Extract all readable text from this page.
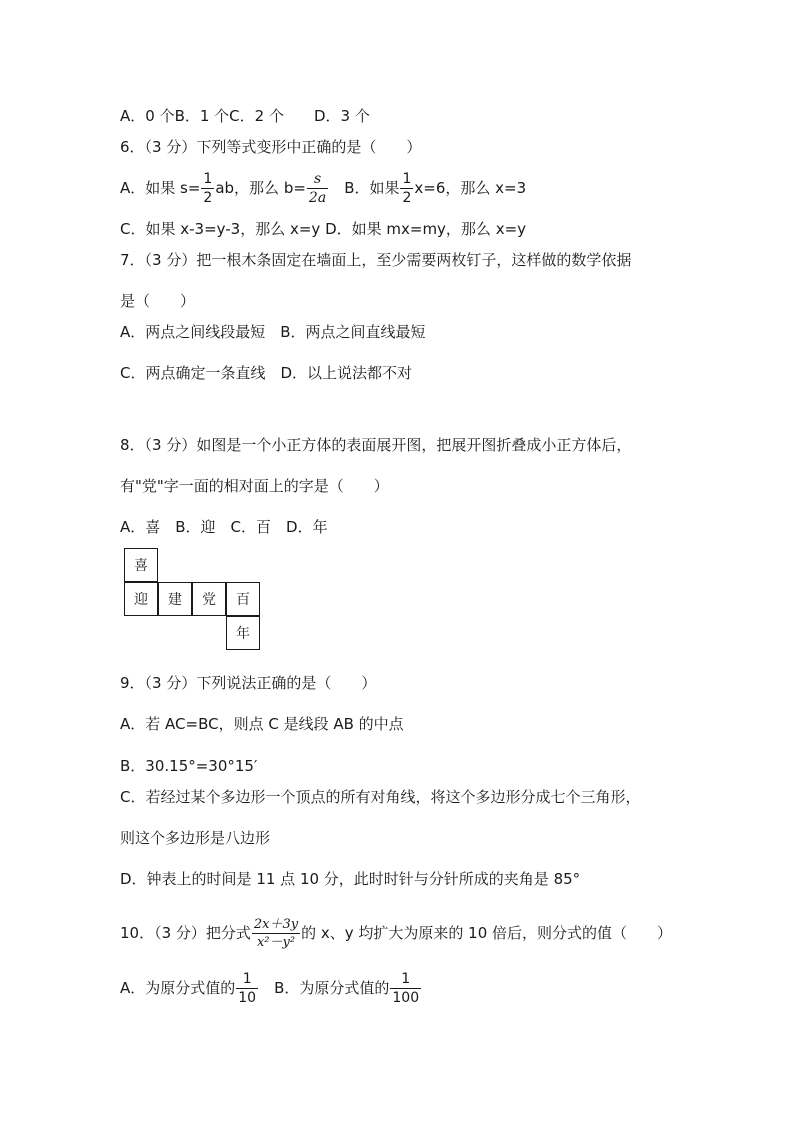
A．0 个B．1 个C．2 个　　D．3 个
6．（3 分）下列等式变形中正确的是（　　）
A．如果 $s= \frac{1}{2}$ ab，那么 $b= \frac{s}{2a}$ 　B．如果 $\frac{1}{2} x=6$，那么 x=3
C．如果 x-3=y-3，那么 x=y D．如果 mx=my，那么 x=y
7．（3 分）把一根木条固定在墙面上，至少需要两枚钉子，这样做的数学依据
是（　　）
A．两点之间线段最短　B．两点之间直线最短
C．两点确定一条直线　D．以上说法都不对
8．（3 分）如图是一个小正方体的表面展开图，把展开图折叠成小正方体后，
有"党"字一面的相对面上的字是（　　）
A．喜　B．迎　C．百　D．年
喜
迎	建	党	百
年
9．（3 分）下列说法正确的是（　　）
A．若 AC=BC，则点 C 是线段 AB 的中点
B．30.15°=30°15′
C．若经过某个多边形一个顶点的所有对角线，将这个多边形分成七个三角形，
则这个多边形是八边形
D．钟表上的时间是 11 点 10 分，此时时针与分针所成的夹角是 85°
10．（3 分）把分式 $\frac{2x+3y}{\text{x²－y²}}$ 的 x、y 均扩大为原来的 10 倍后，则分式的值（　　）
A．为原分式值的 $\frac{1}{10}$ 　B．为原分式值的 $\frac{1}{100}$
